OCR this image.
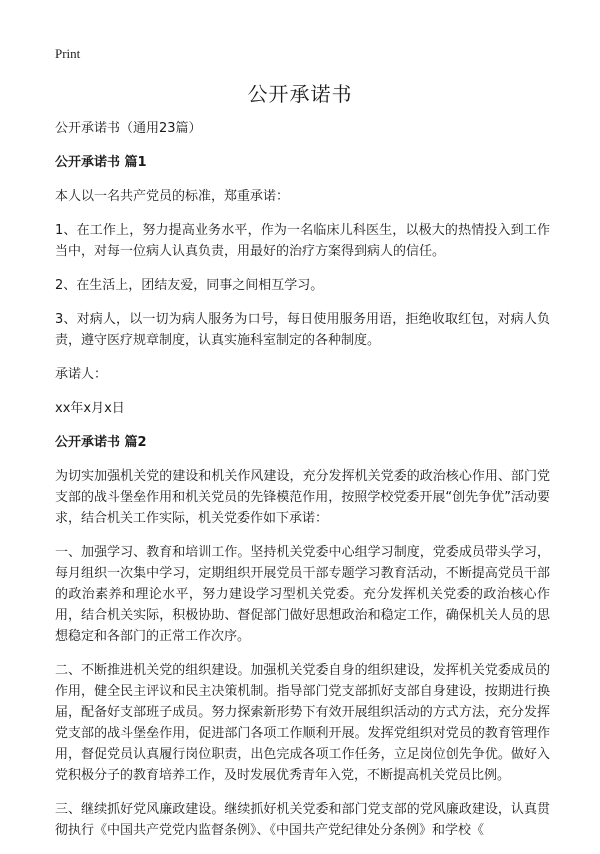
Print
公开承诺书

公开承诺书（通用23篇）

公开承诺书 篇1

本人以一名共产党员的标准，郑重承诺：

1、在工作上，努力提高业务水平，作为一名临床儿科医生，以极大的热情投入到工作当中，对每一位病人认真负责，用最好的治疗方案得到病人的信任。

2、在生活上，团结友爱，同事之间相互学习。

3、对病人，以一切为病人服务为口号，每日使用服务用语，拒绝收取红包，对病人负责，遵守医疗规章制度，认真实施科室制定的各种制度。

承诺人：

xx年x月x日

公开承诺书 篇2

为切实加强机关党的建设和机关作风建设，充分发挥机关党委的政治核心作用、部门党支部的战斗堡垒作用和机关党员的先锋模范作用，按照学校党委开展“创先争优”活动要求，结合机关工作实际，机关党委作如下承诺：

一、加强学习、教育和培训工作。坚持机关党委中心组学习制度，党委成员带头学习，每月组织一次集中学习，定期组织开展党员干部专题学习教育活动，不断提高党员干部的政治素养和理论水平，努力建设学习型机关党委。充分发挥机关党委的政治核心作用，结合机关实际，积极协助、督促部门做好思想政治和稳定工作，确保机关人员的思想稳定和各部门的正常工作次序。

二、不断推进机关党的组织建设。加强机关党委自身的组织建设，发挥机关党委成员的作用，健全民主评议和民主决策机制。指导部门党支部抓好支部自身建设，按期进行换届，配备好支部班子成员。努力探索新形势下有效开展组织活动的方式方法，充分发挥党支部的战斗堡垒作用，促进部门各项工作顺利开展。发挥党组织对党员的教育管理作用，督促党员认真履行岗位职责，出色完成各项工作任务，立足岗位创先争优。做好入党积极分子的教育培养工作，及时发展优秀青年入党，不断提高机关党员比例。

三、继续抓好党风廉政建设。继续抓好机关党委和部门党支部的党风廉政建设，认真贯彻执行《中国共产党党内监督条例》、《中国共产党纪律处分条例》和学校《
